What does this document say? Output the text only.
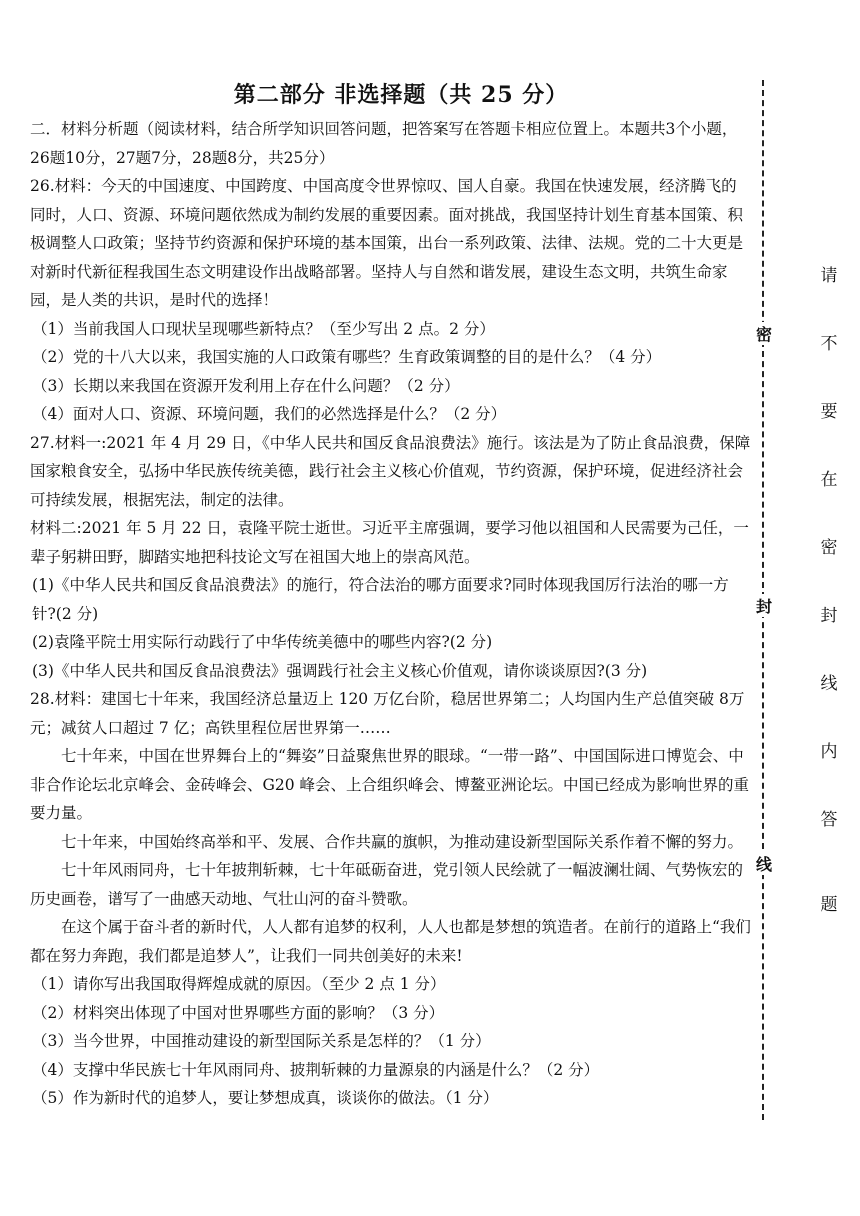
第二部分 非选择题（共 25 分）

二．材料分析题（阅读材料，结合所学知识回答问题，把答案写在答题卡相应位置上。本题共3个小题，26题10分，27题7分，28题8分，共25分）

26.材料：今天的中国速度、中国跨度、中国高度令世界惊叹、国人自豪。我国在快速发展，经济腾飞的同时，人口、资源、环境问题依然成为制约发展的重要因素。面对挑战，我国坚持计划生育基本国策、积极调整人口政策；坚持节约资源和保护环境的基本国策，出台一系列政策、法律、法规。党的二十大更是对新时代新征程我国生态文明建设作出战略部署。坚持人与自然和谐发展，建设生态文明，共筑生命家园，是人类的共识，是时代的选择！

（1）当前我国人口现状呈现哪些新特点？（至少写出 2 点。2 分）

（2）党的十八大以来，我国实施的人口政策有哪些？生育政策调整的目的是什么？（4 分）

（3）长期以来我国在资源开发利用上存在什么问题？（2 分）

（4）面对人口、资源、环境问题，我们的必然选择是什么？（2 分）

27.材料一:2021 年 4 月 29 日，《中华人民共和国反食品浪费法》施行。该法是为了防止食品浪费，保障国家粮食安全，弘扬中华民族传统美德，践行社会主义核心价值观，节约资源，保护环境，促进经济社会可持续发展，根据宪法，制定的法律。

材料二:2021 年 5 月 22 日，袁隆平院士逝世。习近平主席强调，要学习他以祖国和人民需要为己任，一辈子躬耕田野，脚踏实地把科技论文写在祖国大地上的崇高风范。

(1)《中华人民共和国反食品浪费法》的施行，符合法治的哪方面要求?同时体现我国厉行法治的哪一方针?(2 分)

(2)袁隆平院士用实际行动践行了中华传统美德中的哪些内容?(2 分)

(3)《中华人民共和国反食品浪费法》强调践行社会主义核心价值观，请你谈谈原因?(3 分)

28.材料：建国七十年来，我国经济总量迈上 120 万亿台阶，稳居世界第二；人均国内生产总值突破 8万元；减贫人口超过 7 亿；高铁里程位居世界第一……

七十年来，中国在世界舞台上的“舞姿”日益聚焦世界的眼球。“一带一路”、中国国际进口博览会、中非合作论坛北京峰会、金砖峰会、G20 峰会、上合组织峰会、博鳌亚洲论坛。中国已经成为影响世界的重要力量。

七十年来，中国始终高举和平、发展、合作共赢的旗帜，为推动建设新型国际关系作着不懈的努力。

七十年风雨同舟，七十年披荆斩棘，七十年砥砺奋进，党引领人民绘就了一幅波澜壮阔、气势恢宏的历史画卷，谱写了一曲感天动地、气壮山河的奋斗赞歌。

在这个属于奋斗者的新时代，人人都有追梦的权利，人人也都是梦想的筑造者。在前行的道路上“我们都在努力奔跑，我们都是追梦人”，让我们一同共创美好的未来!

（1）请你写出我国取得辉煌成就的原因。（至少 2 点 1 分）

（2）材料突出体现了中国对世界哪些方面的影响？（3 分）

（3）当今世界，中国推动建设的新型国际关系是怎样的？（1 分）

（4）支撑中华民族七十年风雨同舟、披荆斩棘的力量源泉的内涵是什么？（2 分）

（5）作为新时代的追梦人，要让梦想成真，谈谈你的做法。（1 分）

密
封
线
请
不
要
在
密
封
线
内
答
题
